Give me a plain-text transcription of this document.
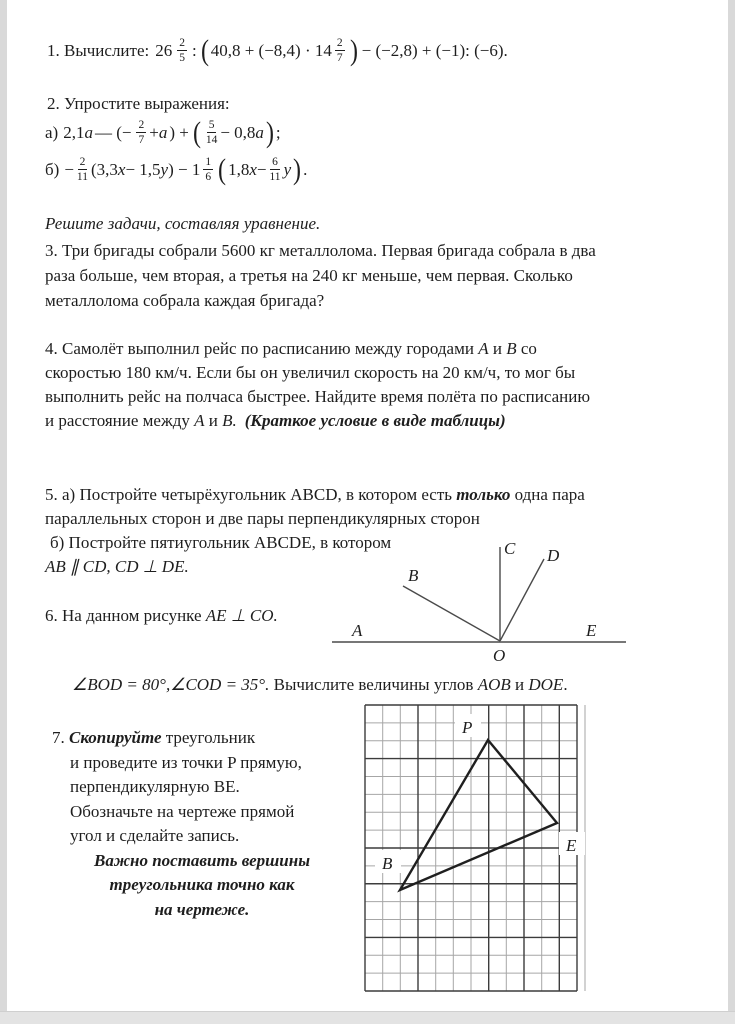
1. Вычислите: $26 \frac{2}{5}$ : ( $40,8 + (-8,4) \cdot 14 \frac{2}{7}$ ) − (−2,8) + (−1): (−6).
2. Упростите выражения:
а) 2,1 a — (− $\frac{2}{7} + a$ ) + ( $\frac{5}{14} - 0,8$ a ) ;
$б) - \frac{2}{11} (3,3$ x − 1,5 y ) − $1 \frac{1}{6}$ ( 1,8 $x - \frac{6}{11}$ y ) .
Решите задачи, составляя уравнение.
3. Три бригады собрали 5600 кг металлолома. Первая бригада собрала в два
раза больше, чем вторая, а третья на 240 кг меньше, чем первая. Сколько
металлолома собрала каждая бригада?
4. Самолёт выполнил рейс по расписанию между городами A и B со
скоростью 180 км/ч. Если бы он увеличил скорость на 20 км/ч, то мог бы
выполнить рейс на полчаса быстрее. Найдите время полёта по расписанию
и расстояние между A и B. (Краткое условие в виде таблицы)
5. а) Постройте четырёхугольник ABCD, в котором есть только одна пара
параллельных сторон и две пары перпендикулярных сторон
б) Постройте пятиугольник ABCDE, в котором
AB ∥ CD, CD ⊥ DE.
A
B
C D
E
O
6. На данном рисунке AE ⊥ CO.
∠BOD = 80°,∠COD = 35°. Вычислите величины углов AOB и DOE.
7. Скопируйте треугольник
и проведите из точки P прямую,
перпендикулярную BE.
Обозначьте на чертеже прямой
угол и сделайте запись.
Важно поставить вершины
треугольника точно как
на чертеже.
P
B
E
